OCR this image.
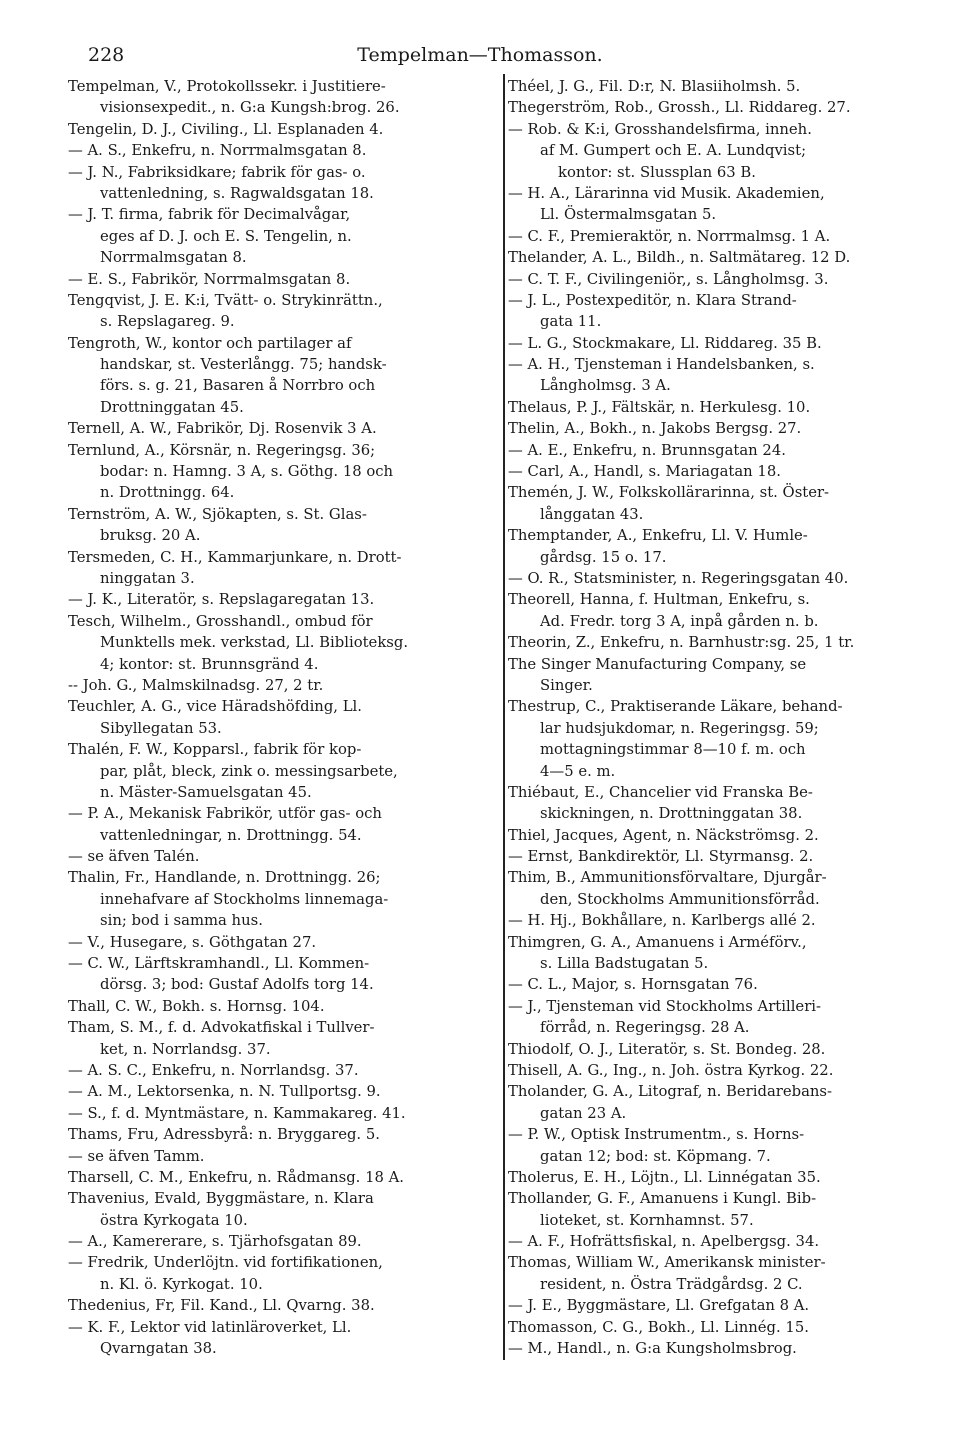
228	Tempelman—Thomasson.
Tempelman, V., Protokollssekr. i Justitiere-
visionsexpedit., n. G:a Kungsh:brog. 26.
Tengelin, D. J., Civiling., Ll. Esplanaden 4.
— A. S., Enkefru, n. Norrmalmsgatan 8.
— J. N., Fabriksidkare; fabrik för gas- o.
vattenledning, s. Ragwaldsgatan 18.
— J. T. firma, fabrik för Decimalvågar,
eges af D. J. och E. S. Tengelin, n.
Norrmalmsgatan 8.
— E. S., Fabrikör, Norrmalmsgatan 8.
Tengqvist, J. E. K:i, Tvätt- o. Strykinrättn.,
s. Repslagareg. 9.
Tengroth, W., kontor och partilager af
handskar, st. Vesterlångg. 75; handsk-
förs. s. g. 21, Basaren å Norrbro och
Drottninggatan 45.
Ternell, A. W., Fabrikör, Dj. Rosenvik 3 A.
Ternlund, A., Körsnär, n. Regeringsg. 36;
bodar: n. Hamng. 3 A, s. Göthg. 18 och
n. Drottningg. 64.
Ternström, A. W., Sjökapten, s. St. Glas-
bruksg. 20 A.
Tersmeden, C. H., Kammarjunkare, n. Drott-
ninggatan 3.
— J. K., Literatör, s. Repslagaregatan 13.
Tesch, Wilhelm., Grosshandl., ombud för
Munktells mek. verkstad, Ll. Biblioteksg.
4; kontor: st. Brunnsgränd 4.
-- Joh. G., Malmskilnadsg. 27, 2 tr.
Teuchler, A. G., vice Häradshöfding, Ll.
Sibyllegatan 53.
Thalén, F. W., Kopparsl., fabrik för kop-
par, plåt, bleck, zink o. messingsarbete,
n. Mäster-Samuelsgatan 45.
— P. A., Mekanisk Fabrikör, utför gas- och
vattenledningar, n. Drottningg. 54.
— se äfven Talén.
Thalin, Fr., Handlande, n. Drottningg. 26;
innehafvare af Stockholms linnemaga-
sin; bod i samma hus.
— V., Husegare, s. Göthgatan 27.
— C. W., Lärftskramhandl., Ll. Kommen-
dörsg. 3; bod: Gustaf Adolfs torg 14.
Thall, C. W., Bokh. s. Hornsg. 104.
Tham, S. M., f. d. Advokatfiskal i Tullver-
ket, n. Norrlandsg. 37.
— A. S. C., Enkefru, n. Norrlandsg. 37.
— A. M., Lektorsenka, n. N. Tullportsg. 9.
— S., f. d. Myntmästare, n. Kammakareg. 41.
Thams, Fru, Adressbyrå: n. Bryggareg. 5.
— se äfven Tamm.
Tharsell, C. M., Enkefru, n. Rådmansg. 18 A.
Thavenius, Evald, Byggmästare, n. Klara
östra Kyrkogata 10.
— A., Kamererare, s. Tjärhofsgatan 89.
— Fredrik, Underlöjtn. vid fortifikationen,
n. Kl. ö. Kyrkogat. 10.
Thedenius, Fr, Fil. Kand., Ll. Qvarng. 38.
— K. F., Lektor vid latinläroverket, Ll.
Qvarngatan 38.
Théel, J. G., Fil. D:r, N. Blasiiholmsh. 5.
Thegerström, Rob., Grossh., Ll. Riddareg. 27.
— Rob. & K:i, Grosshandelsfirma, inneh.
af M. Gumpert och E. A. Lundqvist;
kontor: st. Slussplan 63 B.
— H. A., Lärarinna vid Musik. Akademien,
Ll. Östermalmsgatan 5.
— C. F., Premieraktör, n. Norrmalmsg. 1 A.
Thelander, A. L., Bildh., n. Saltmätareg. 12 D.
— C. T. F., Civilingeniör,, s. Långholmsg. 3.
— J. L., Postexpeditör, n. Klara Strand-
gata 11.
— L. G., Stockmakare, Ll. Riddareg. 35 B.
— A. H., Tjensteman i Handelsbanken, s.
Långholmsg. 3 A.
Thelaus, P. J., Fältskär, n. Herkulesg. 10.
Thelin, A., Bokh., n. Jakobs Bergsg. 27.
— A. E., Enkefru, n. Brunnsgatan 24.
— Carl, A., Handl, s. Mariagatan 18.
Themén, J. W., Folkskollärarinna, st. Öster-
långgatan 43.
Themptander, A., Enkefru, Ll. V. Humle-
gårdsg. 15 o. 17.
— O. R., Statsminister, n. Regeringsgatan 40.
Theorell, Hanna, f. Hultman, Enkefru, s.
Ad. Fredr. torg 3 A, inpå gården n. b.
Theorin, Z., Enkefru, n. Barnhustr:sg. 25, 1 tr.
The Singer Manufacturing Company, se
Singer.
Thestrup, C., Praktiserande Läkare, behand-
lar hudsjukdomar, n. Regeringsg. 59;
mottagningstimmar 8—10 f. m. och
4—5 e. m.
Thiébaut, E., Chancelier vid Franska Be-
skickningen, n. Drottninggatan 38.
Thiel, Jacques, Agent, n. Näckströmsg. 2.
— Ernst, Bankdirektör, Ll. Styrmansg. 2.
Thim, B., Ammunitionsförvaltare, Djurgår-
den, Stockholms Ammunitionsförråd.
— H. Hj., Bokhållare, n. Karlbergs allé 2.
Thimgren, G. A., Amanuens i Arméförv.,
s. Lilla Badstugatan 5.
— C. L., Major, s. Hornsgatan 76.
— J., Tjensteman vid Stockholms Artilleri-
förråd, n. Regeringsg. 28 A.
Thiodolf, O. J., Literatör, s. St. Bondeg. 28.
Thisell, A. G., Ing., n. Joh. östra Kyrkog. 22.
Tholander, G. A., Litograf, n. Beridarebans-
gatan 23 A.
— P. W., Optisk Instrumentm., s. Horns-
gatan 12; bod: st. Köpmang. 7.
Tholerus, E. H., Löjtn., Ll. Linnégatan 35.
Thollander, G. F., Amanuens i Kungl. Bib-
lioteket, st. Kornhamnst. 57.
— A. F., Hofrättsfiskal, n. Apelbergsg. 34.
Thomas, William W., Amerikansk minister-
resident, n. Östra Trädgårdsg. 2 C.
— J. E., Byggmästare, Ll. Grefgatan 8 A.
Thomasson, C. G., Bokh., Ll. Linnég. 15.
— M., Handl., n. G:a Kungsholmsbrog.
